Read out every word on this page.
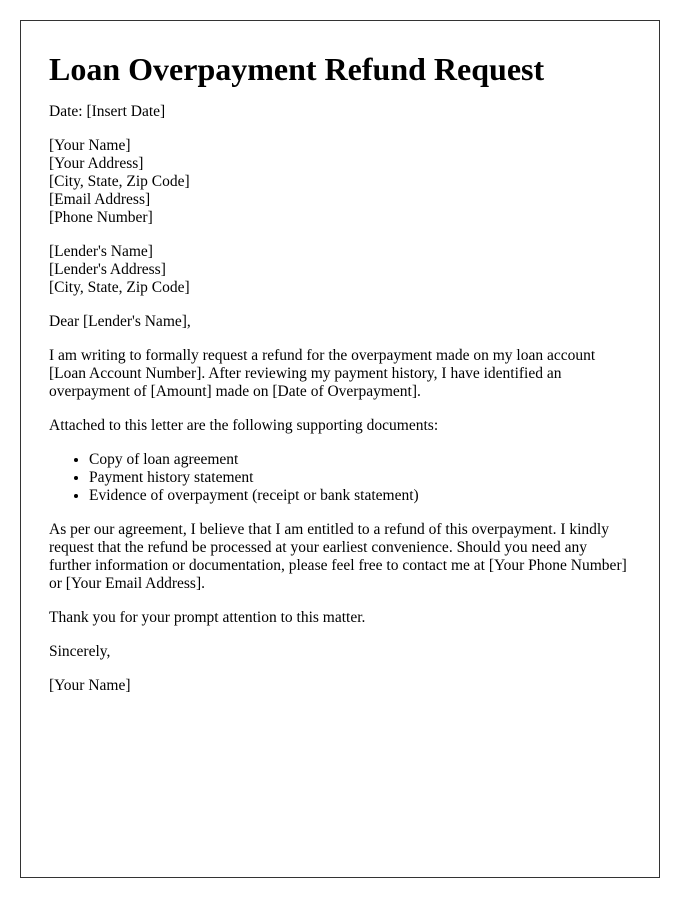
Loan Overpayment Refund Request
Date: [Insert Date]
[Your Name]
[Your Address]
[City, State, Zip Code]
[Email Address]
[Phone Number]
[Lender's Name]
[Lender's Address]
[City, State, Zip Code]

Dear [Lender's Name],

I am writing to formally request a refund for the overpayment made on my loan account [Loan Account Number]. After reviewing my payment history, I have identified an overpayment of [Amount] made on [Date of Overpayment].

Attached to this letter are the following supporting documents:

• Copy of loan agreement
• Payment history statement
• Evidence of overpayment (receipt or bank statement)

As per our agreement, I believe that I am entitled to a refund of this overpayment. I kindly request that the refund be processed at your earliest convenience. Should you need any further information or documentation, please feel free to contact me at [Your Phone Number] or [Your Email Address].

Thank you for your prompt attention to this matter.

Sincerely,

[Your Name]
